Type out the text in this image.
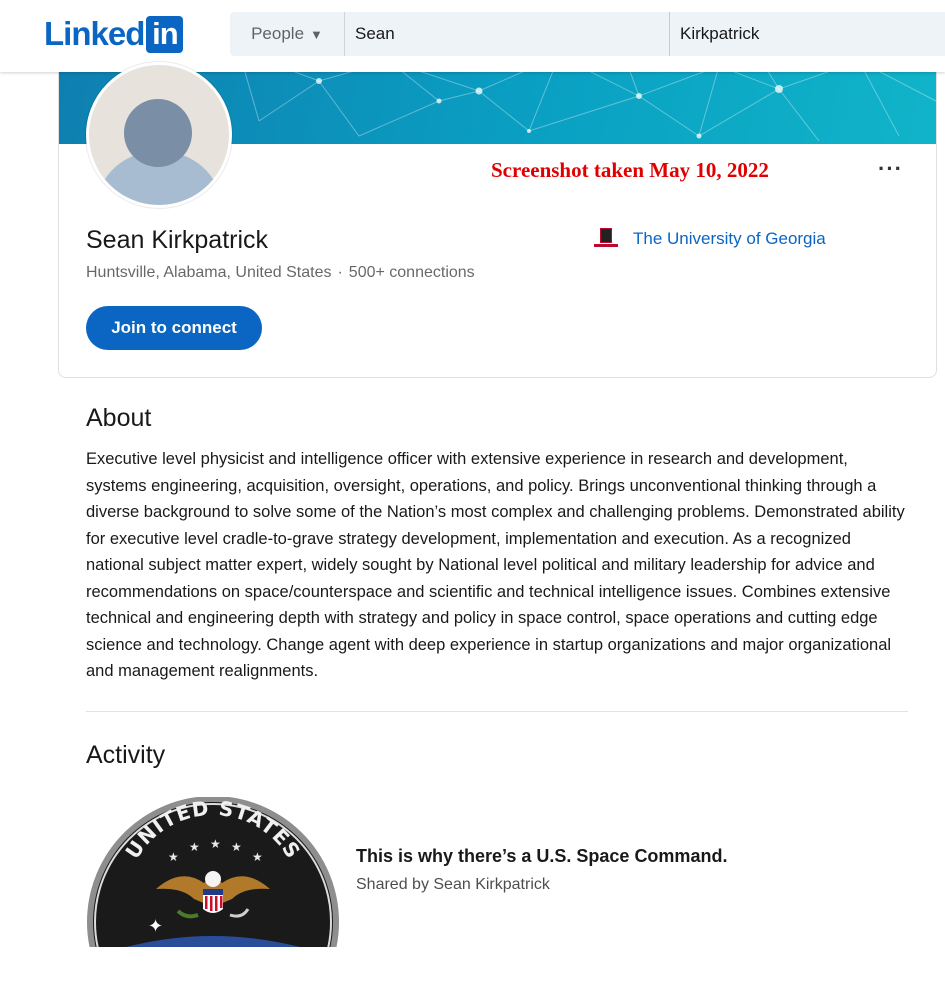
Linked in	People ▼ Sean	Kirkpatrick
Screenshot taken May 10, 2022	···
Sean Kirkpatrick
Huntsville, Alabama, United States · 500+ connections
The University of Georgia
Join to connect
About
Executive level physicist and intelligence officer with extensive experience in research and development, systems engineering, acquisition, oversight, operations, and policy. Brings unconventional thinking through a diverse background to solve some of the Nation’s most complex and challenging problems. Demonstrated ability for executive level cradle-to-grave strategy development, implementation and execution. As a recognized national subject matter expert, widely sought by National level political and military leadership for advice and recommendations on space/counterspace and scientific and technical intelligence issues. Combines extensive technical and engineering depth with strategy and policy in space control, space operations and cutting edge science and technology. Change agent with deep experience in startup organizations and major organizational and management realignments.
Activity
UNITED STATES
★
★ ★ ★
★
✦
This is why there’s a U.S. Space Command.
Shared by Sean Kirkpatrick
